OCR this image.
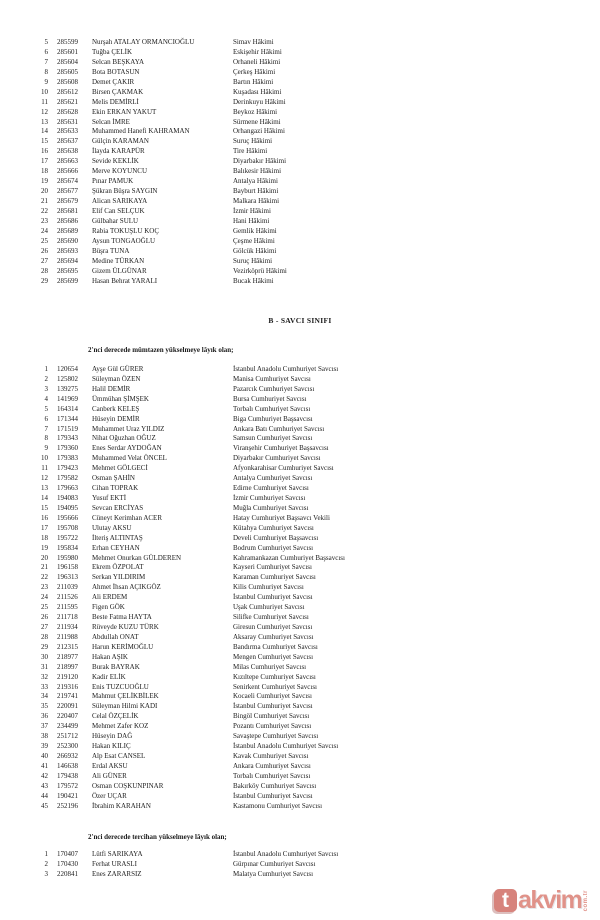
5	285599	Nurşah ATALAY ORMANCIOĞLU	Simav Hâkimi
6	285601	Tuğba ÇELİK	Eskişehir Hâkimi
7	285604	Selcan BEŞKAYA	Orhaneli Hâkimi
8	285605	Bota BOTASUN	Çerkeş Hâkimi
9	285608	Demet ÇAKIR	Bartın Hâkimi
10	285612	Birsen ÇAKMAK	Kuşadası Hâkimi
11	285621	Melis DEMİRLİ	Derinkuyu Hâkimi
12	285628	Ekin ERKAN YAKUT	Beykoz Hâkimi
13	285631	Selcan İMRE	Sürmene Hâkimi
14	285633	Muhammed Hanefi KAHRAMAN	Orhangazi Hâkimi
15	285637	Gülçin KARAMAN	Suruç Hâkimi
16	285638	İlayda KARAPÜR	Tire Hâkimi
17	285663	Sevide KEKLİK	Diyarbakır Hâkimi
18	285666	Merve KOYUNCU	Balıkesir Hâkimi
19	285674	Pınar PAMUK	Antalya Hâkimi
20	285677	Şükran Büşra SAYGIN	Bayburt Hâkimi
21	285679	Alican SARIKAYA	Malkara Hâkimi
22	285681	Elif Can SELÇUK	İzmir Hâkimi
23	285686	Gülbahar SULU	Hani Hâkimi
24	285689	Rabia TOKUŞLU KOÇ	Gemlik Hâkimi
25	285690	Aysun TONGAOĞLU	Çeşme Hâkimi
26	285693	Büşra TUNA	Gölcük Hâkimi
27	285694	Medine TÜRKAN	Suruç Hâkimi
28	285695	Gizem ÜLGÜNAR	Vezirköprü Hâkimi
29	285699	Hasan Behrat YARALI	Bucak Hâkimi
B - SAVCI SINIFI
2'nci derecede mümtazen yükselmeye lâyık olan;
1	120654	Ayşe Gül GÜRER	İstanbul Anadolu Cumhuriyet Savcısı
2	125802	Süleyman ÖZEN	Manisa Cumhuriyet Savcısı
3	139275	Halil DEMİR	Pazarcık Cumhuriyet Savcısı
4	141969	Ümmühan ŞİMŞEK	Bursa Cumhuriyet Savcısı
5	164314	Canberk KELEŞ	Torbalı Cumhuriyet Savcısı
6	171344	Hüseyin DEMİR	Biga Cumhuriyet Başsavcısı
7	171519	Muhammet Uraz YILDIZ	Ankara Batı Cumhuriyet Savcısı
8	179343	Nihat Oğuzhan OĞUZ	Samsun Cumhuriyet Savcısı
9	179360	Enes Serdar AYDOĞAN	Viranşehir Cumhuriyet Başsavcısı
10	179383	Muhammed Velat ÖNCEL	Diyarbakır Cumhuriyet Savcısı
11	179423	Mehmet GÖLGECİ	Afyonkarahisar Cumhuriyet Savcısı
12	179582	Osman ŞAHİN	Antalya Cumhuriyet Savcısı
13	179663	Cihan TOPRAK	Edirne Cumhuriyet Savcısı
14	194083	Yusuf EKTİ	İzmir Cumhuriyet Savcısı
15	194095	Sevcan ERCİYAS	Muğla Cumhuriyet Savcısı
16	195666	Cüneyt Kerimhan ACER	Hatay Cumhuriyet Başsavcı Vekili
17	195708	Ulutay AKSU	Kütahya Cumhuriyet Savcısı
18	195722	İlteriş ALTINTAŞ	Develi Cumhuriyet Başsavcısı
19	195834	Erhan CEYHAN	Bodrum Cumhuriyet Savcısı
20	195980	Mehmet Onurkan GÜLDEREN	Kahramankazan Cumhuriyet Başsavcısı
21	196158	Ekrem ÖZPOLAT	Kayseri Cumhuriyet Savcısı
22	196313	Serkan YILDIRIM	Karaman Cumhuriyet Savcısı
23	211039	Ahmet İhsan AÇIKGÖZ	Kilis Cumhuriyet Savcısı
24	211526	Ali ERDEM	İstanbul Cumhuriyet Savcısı
25	211595	Figen GÖK	Uşak Cumhuriyet Savcısı
26	211718	Beste Fatma HAYTA	Silifke Cumhuriyet Savcısı
27	211934	Rüveyde KUZU TÜRK	Giresun Cumhuriyet Savcısı
28	211988	Abdullah ONAT	Aksaray Cumhuriyet Savcısı
29	212315	Harun KERİMOĞLU	Bandırma Cumhuriyet Savcısı
30	218977	Hakan AŞIK	Mengen Cumhuriyet Savcısı
31	218997	Burak BAYRAK	Milas Cumhuriyet Savcısı
32	219120	Kadir ELİK	Kızıltepe Cumhuriyet Savcısı
33	219316	Enis TUZCUOĞLU	Senirkent Cumhuriyet Savcısı
34	219741	Mahmut ÇELİKBİLEK	Kocaeli Cumhuriyet Savcısı
35	220091	Süleyman Hilmi KADI	İstanbul Cumhuriyet Savcısı
36	220407	Celal ÖZÇELİK	Bingöl Cumhuriyet Savcısı
37	234499	Mehmet Zafer KOZ	Pozantı Cumhuriyet Savcısı
38	251712	Hüseyin DAĞ	Savaştepe Cumhuriyet Savcısı
39	252300	Hakan KILIÇ	İstanbul Anadolu Cumhuriyet Savcısı
40	266932	Alp Esat CANSEL	Kavak Cumhuriyet Savcısı
41	146638	Erdal AKSU	Ankara Cumhuriyet Savcısı
42	179438	Ali GÜNER	Torbalı Cumhuriyet Savcısı
43	179572	Osman COŞKUNPINAR	Bakırköy Cumhuriyet Savcısı
44	190421	Özer UÇAR	İstanbul Cumhuriyet Savcısı
45	252196	İbrahim KARAHAN	Kastamonu Cumhuriyet Savcısı
2'nci derecede tercihan yükselmeye lâyık olan;
1	170407	Lütfi SARIKAYA	İstanbul Anadolu Cumhuriyet Savcısı
2	170430	Ferhat URASLI	Gürpınar Cumhuriyet Savcısı
3	220841	Enes ZARARSIZ	Malatya Cumhuriyet Savcısı
t akvim com.tr
